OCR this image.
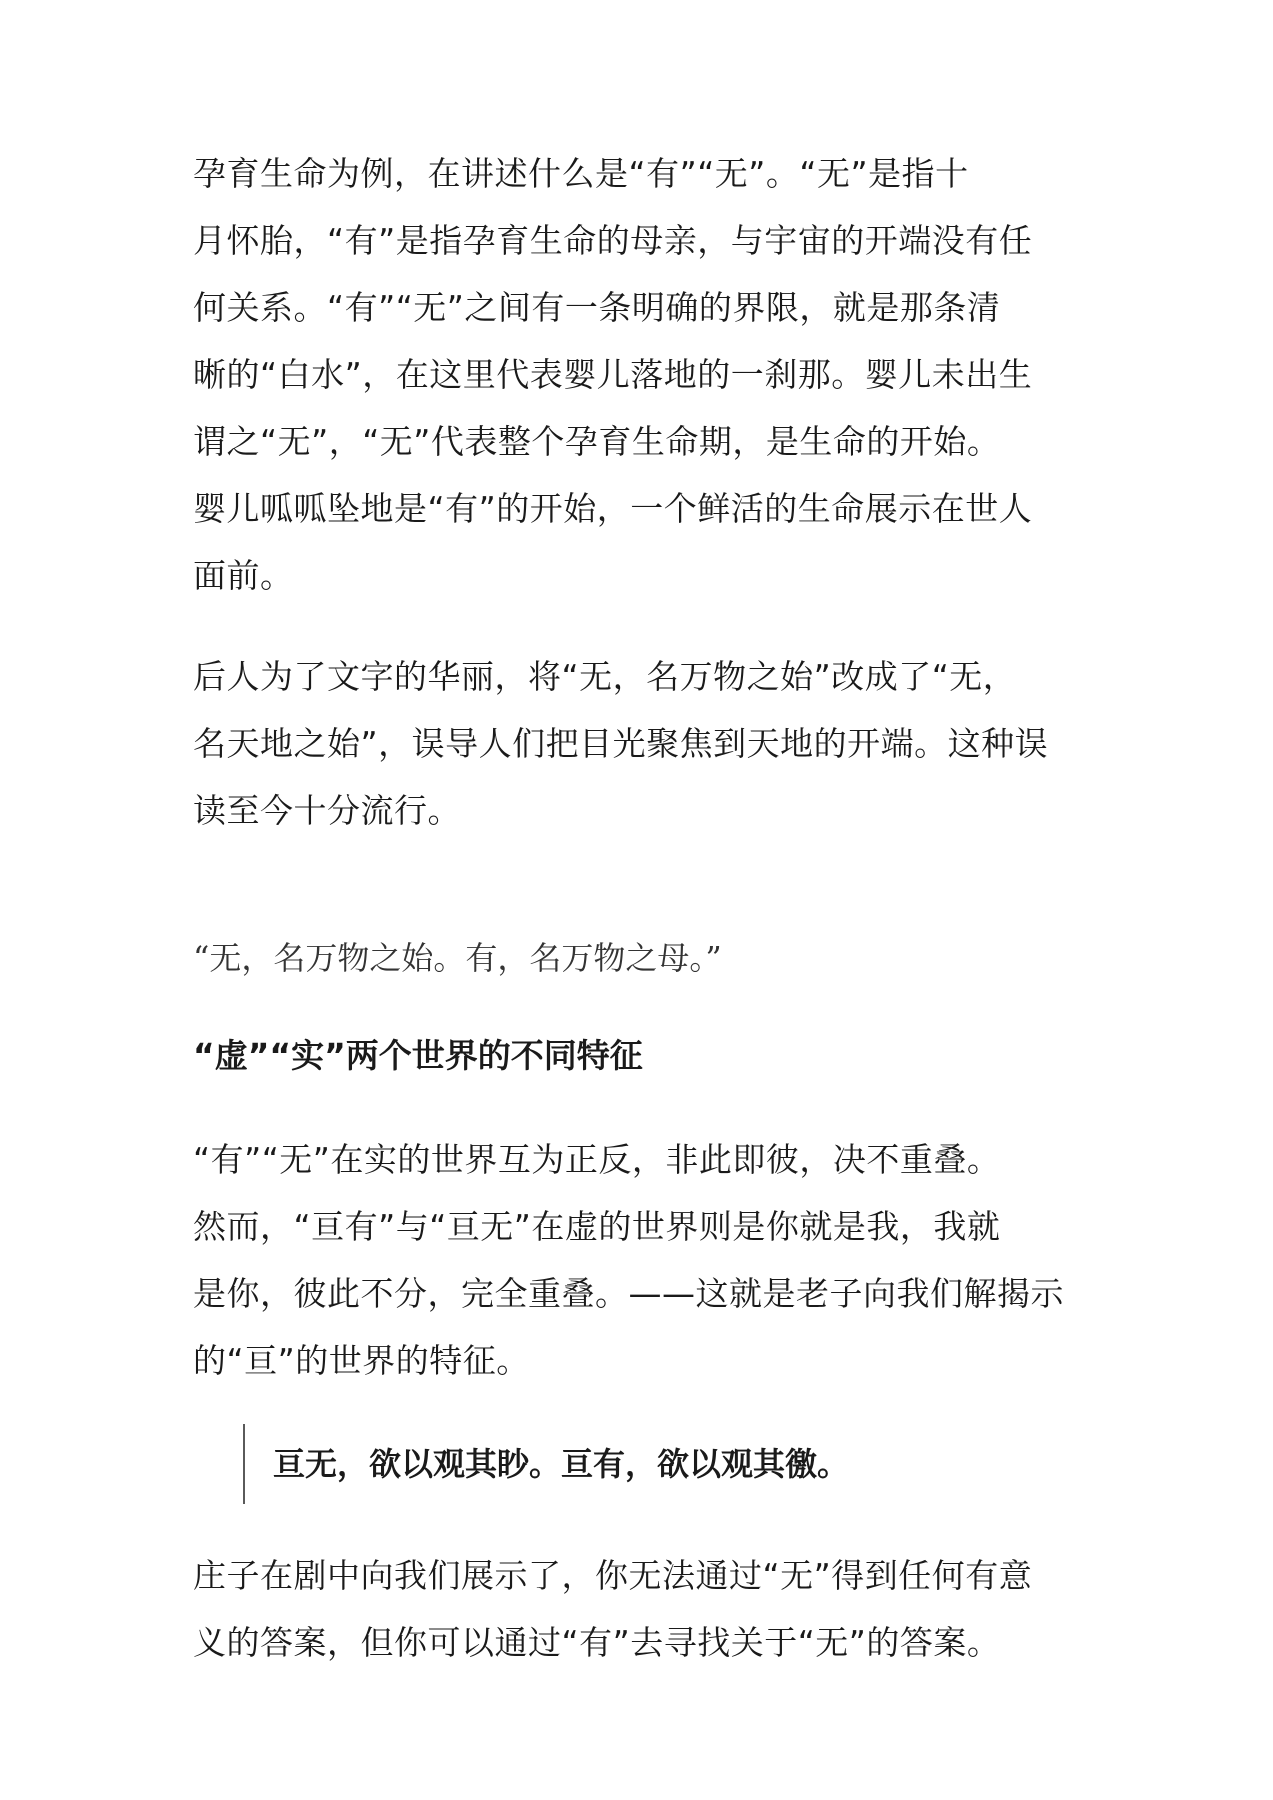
孕育生命为例，在讲述什么是“有”“无”。“无”是指十
月怀胎，“有”是指孕育生命的母亲，与宇宙的开端没有任
何关系。“有”“无”之间有一条明确的界限，就是那条清
晰的“白水”，在这里代表婴儿落地的一刹那。婴儿未出生
谓之“无”，“无”代表整个孕育生命期，是生命的开始。
婴儿呱呱坠地是“有”的开始，一个鲜活的生命展示在世人
面前。

后人为了文字的华丽，将“无，名万物之始”改成了“无，
名天地之始”，误导人们把目光聚焦到天地的开端。这种误
读至今十分流行。

“无，名万物之始。有，名万物之母。”

“虚”“实”两个世界的不同特征

“有”“无”在实的世界互为正反，非此即彼，决不重叠。
然而，“亘有”与“亘无”在虚的世界则是你就是我，我就
是你，彼此不分，完全重叠。——这就是老子向我们解揭示
的“亘”的世界的特征。

亘无，欲以观其眇。亘有，欲以观其徼。

庄子在剧中向我们展示了，你无法通过“无”得到任何有意
义的答案，但你可以通过“有”去寻找关于“无”的答案。
